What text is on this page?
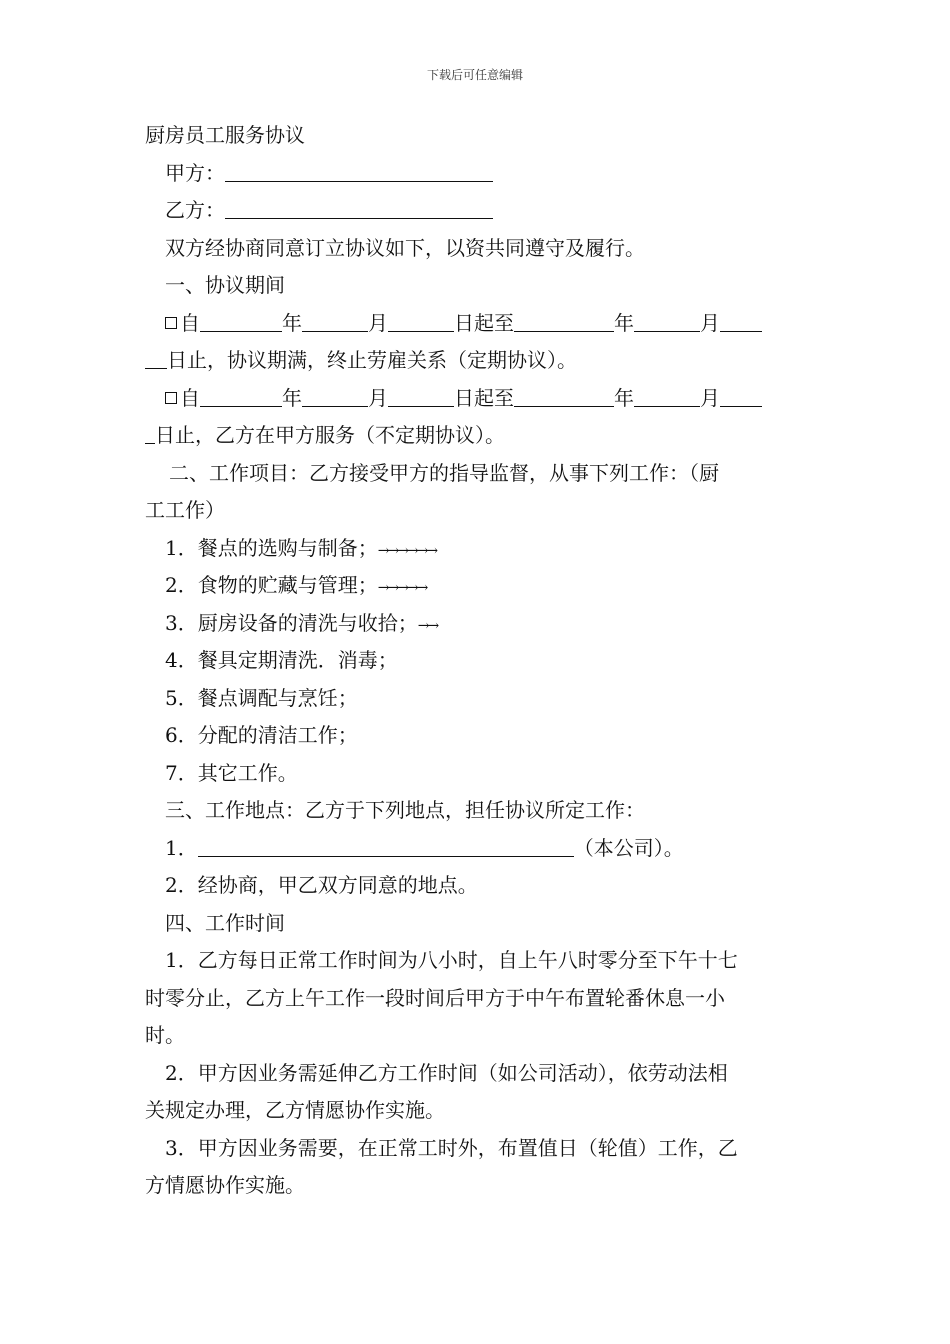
下载后可任意编辑
厨房员工服务协议
甲方：
乙方：
双方经协商同意订立协议如下，以资共同遵守及履行。
一、协议期间
自	年	月	日起至	年	月
日止，协议期满，终止劳雇关系（定期协议）。
自	年	月	日起至	年	月
日止，乙方在甲方服务（不定期协议）。
二、工作项目：乙方接受甲方的指导监督，从事下列工作：（厨
工工作）
1．餐点的选购与制备；→→→→→→
2．食物的贮藏与管理；→→→→→
3．厨房设备的清洗与收拾；→→
4．餐具定期清洗．消毒；
5．餐点调配与烹饪；
6．分配的清洁工作；
7．其它工作。
三、工作地点：乙方于下列地点，担任协议所定工作：
1．	（本公司）。
2．经协商，甲乙双方同意的地点。
四、工作时间
1．乙方每日正常工作时间为八小时，自上午八时零分至下午十七
时零分止，乙方上午工作一段时间后甲方于中午布置轮番休息一小
时。
2．甲方因业务需延伸乙方工作时间（如公司活动），依劳动法相
关规定办理，乙方情愿协作实施。
3．甲方因业务需要，在正常工时外，布置值日（轮值）工作，乙
方情愿协作实施。
